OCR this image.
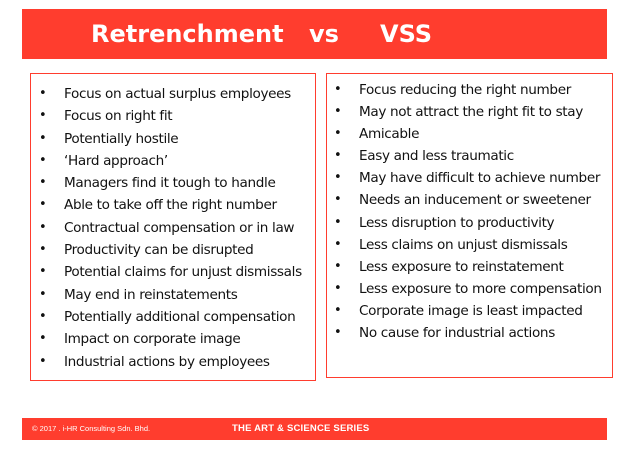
Retrenchment vs VSS
• Focus on actual surplus employees
• Focus on right fit
• Potentially hostile
• ‘Hard approach’
• Managers find it tough to handle
• Able to take off the right number
• Contractual compensation or in law
• Productivity can be disrupted
• Potential claims for unjust dismissals
• May end in reinstatements
• Potentially additional compensation
• Impact on corporate image
• Industrial actions by employees
• Focus reducing the right number
• May not attract the right fit to stay
• Amicable
• Easy and less traumatic
• May have difficult to achieve number
• Needs an inducement or sweetener
• Less disruption to productivity
• Less claims on unjust dismissals
• Less exposure to reinstatement
• Less exposure to more compensation
• Corporate image is least impacted
• No cause for industrial actions
© 2017 . i-HR Consulting Sdn. Bhd.	THE ART & SCIENCE SERIES
